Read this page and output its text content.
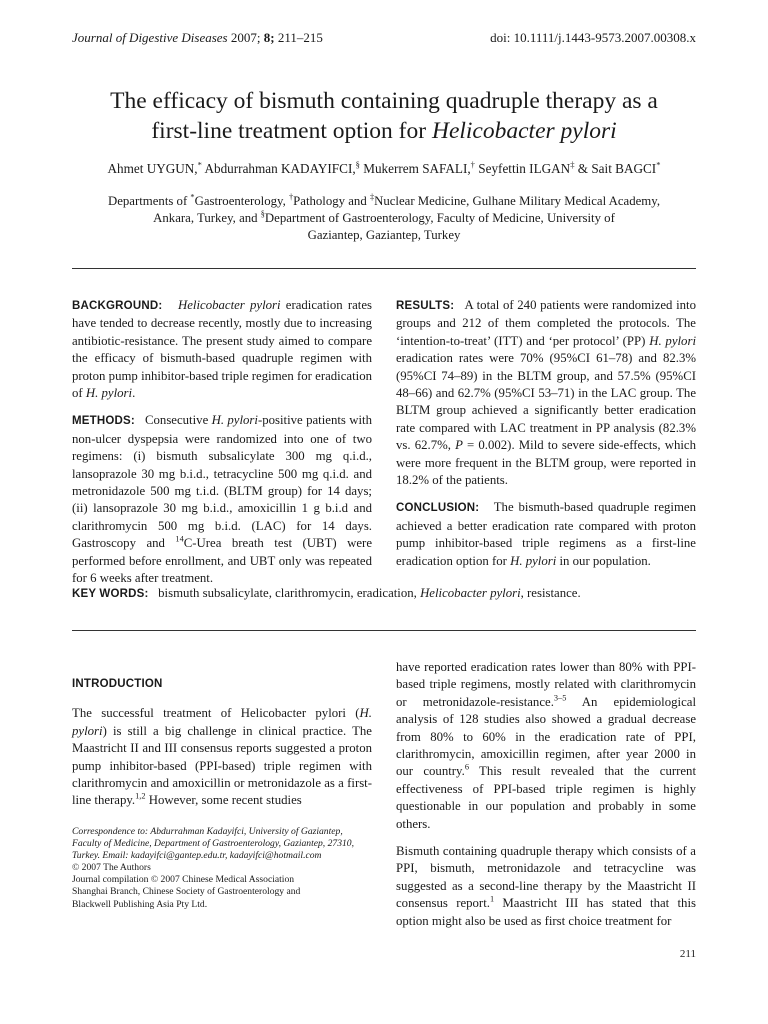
Journal of Digestive Diseases 2007; 8; 211–215	doi: 10.1111/j.1443-9573.2007.00308.x
The efficacy of bismuth containing quadruple therapy as a
first-line treatment option for Helicobacter pylori
Ahmet UYGUN,* Abdurrahman KADAYIFCI,§ Mukerrem SAFALI,† Seyfettin ILGAN‡ & Sait BAGCI*
Departments of *Gastroenterology, †Pathology and ‡Nuclear Medicine, Gulhane Military Medical Academy,
Ankara, Turkey, and §Department of Gastroenterology, Faculty of Medicine, University of
Gaziantep, Gaziantep, Turkey

BACKGROUND: Helicobacter pylori eradication rates have tended to decrease recently, mostly due to increasing antibiotic-resistance. The present study aimed to compare the efficacy of bismuth-based quadruple regimen with proton pump inhibitor-based triple regimen for eradication of H. pylori.

METHODS: Consecutive H. pylori-positive patients with non-ulcer dyspepsia were randomized into one of two regimens: (i) bismuth subsalicylate 300 mg q.i.d., lansoprazole 30 mg b.i.d., tetracycline 500 mg q.i.d. and metronidazole 500 mg t.i.d. (BLTM group) for 14 days; (ii) lansoprazole 30 mg b.i.d., amoxicillin 1 g b.i.d and clarithromycin 500 mg b.i.d. (LAC) for 14 days. Gastroscopy and $^{14}$C-Urea breath test (UBT) were performed before enrollment, and UBT only was repeated for 6 weeks after treatment.

RESULTS: A total of 240 patients were randomized into groups and 212 of them completed the protocols. The ‘intention-to-treat’ (ITT) and ‘per protocol’ (PP) H. pylori eradication rates were 70% (95%CI 61–78) and 82.3% (95%CI 74–89) in the BLTM group, and 57.5% (95%CI 48–66) and 62.7% (95%CI 53–71) in the LAC group. The BLTM group achieved a significantly better eradication rate compared with LAC treatment in PP analysis (82.3% vs. 62.7%, P = 0.002). Mild to severe side-effects, which were more frequent in the BLTM group, were reported in 18.2% of the patients.

CONCLUSION: The bismuth-based quadruple regimen achieved a better eradication rate compared with proton pump inhibitor-based triple regimens as a first-line eradication option for H. pylori in our population.

KEY WORDS: bismuth subsalicylate, clarithromycin, eradication, Helicobacter pylori, resistance.
INTRODUCTION

The successful treatment of Helicobacter pylori (H. pylori) is still a big challenge in clinical practice. The Maastricht II and III consensus reports suggested a proton pump inhibitor-based (PPI-based) triple regimen with clarithromycin and amoxicillin or metronidazole as a first-line therapy.$^{1,2}$ However, some recent studies

Correspondence to: Abdurrahman Kadayifci, University of Gaziantep,
Faculty of Medicine, Department of Gastroenterology, Gaziantep, 27310,
Turkey. Email: kadayifci@gantep.edu.tr, kadayifci@hotmail.com
© 2007 The Authors
Journal compilation © 2007 Chinese Medical Association
Shanghai Branch, Chinese Society of Gastroenterology and
Blackwell Publishing Asia Pty Ltd.

have reported eradication rates lower than 80% with PPI-based triple regimens, mostly related with clarithromycin or metronidazole-resistance.$^{3-5}$ An epidemiological analysis of 128 studies also showed a gradual decrease from 80% to 60% in the eradication rate of PPI, clarithromycin, amoxicillin regimen, after year 2000 in our country.$^6$ This result revealed that the current effectiveness of PPI-based triple regimen is highly questionable in our population and probably in some others.

Bismuth containing quadruple therapy which consists of a PPI, bismuth, metronidazole and tetracycline was suggested as a second-line therapy by the Maastricht II consensus report.$^1$ Maastricht III has stated that this option might also be used as first choice treatment for

211
